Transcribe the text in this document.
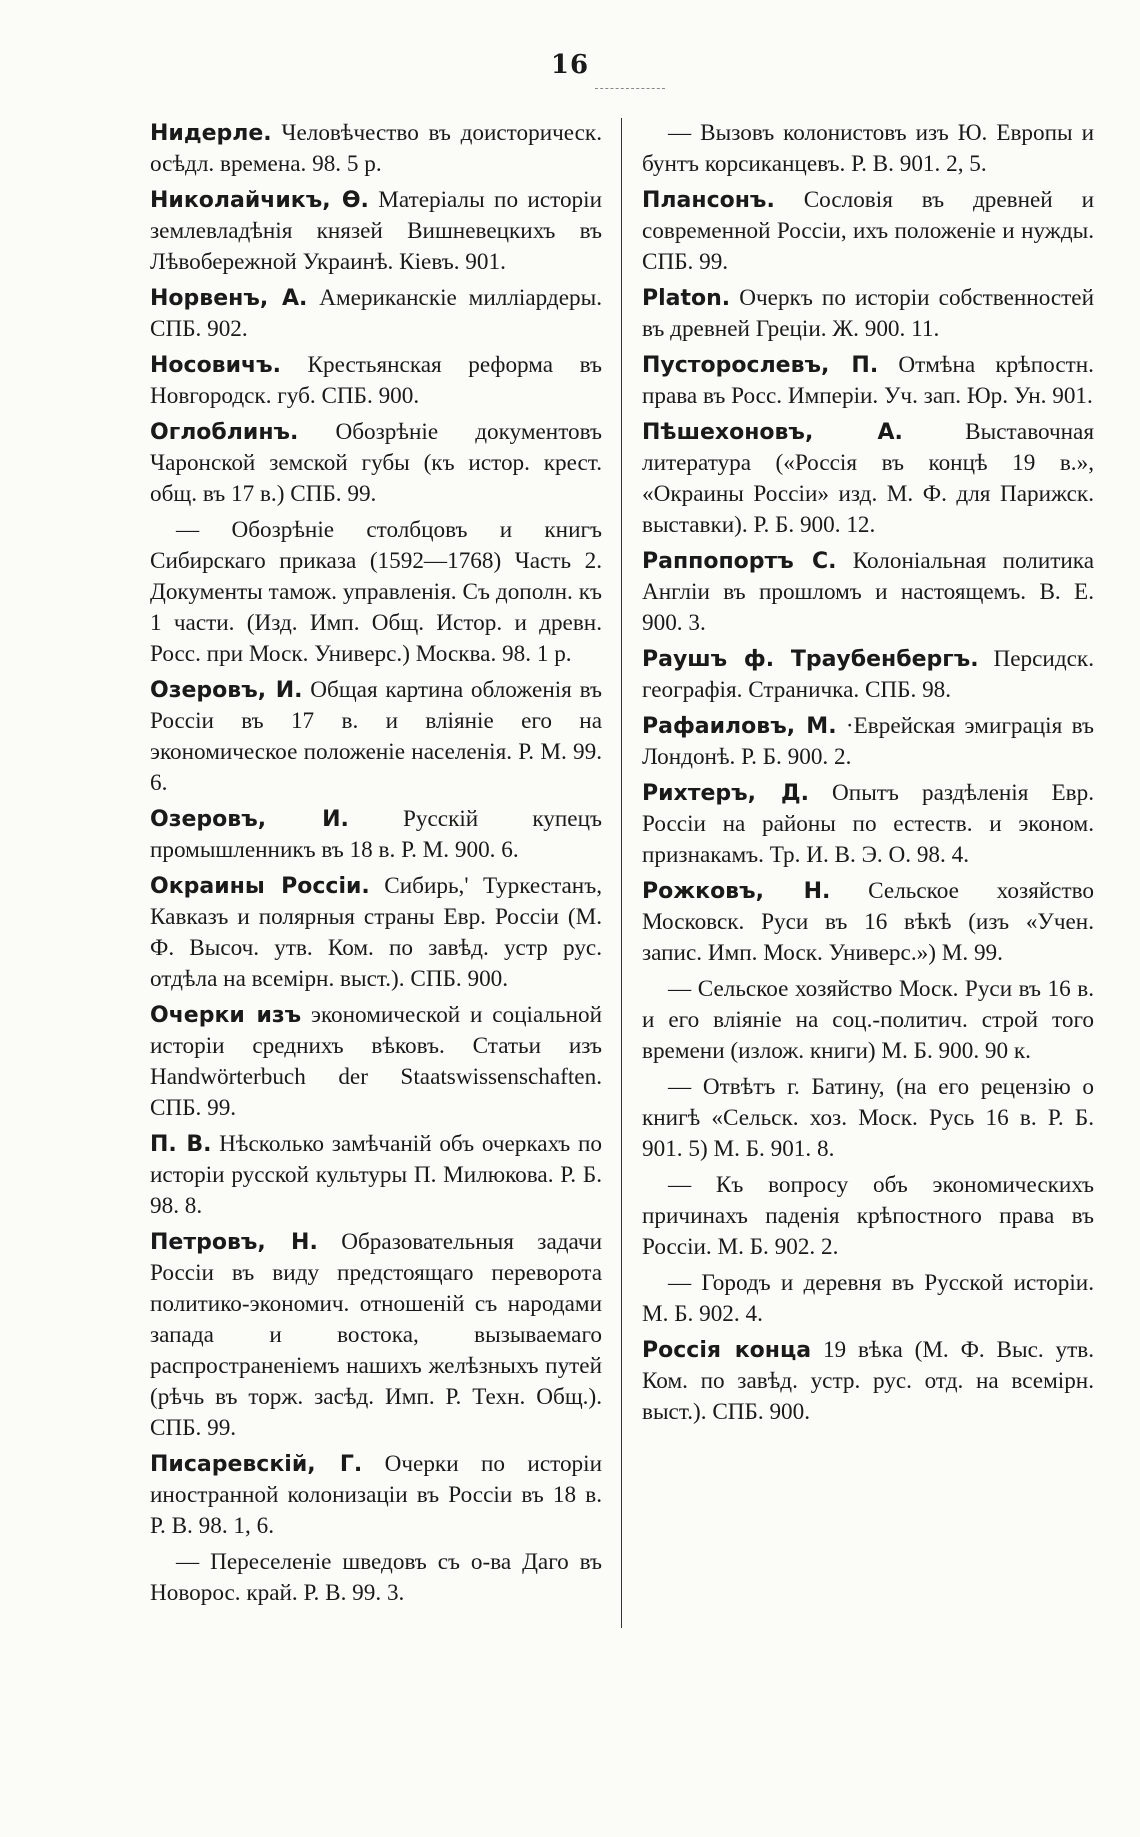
16

Нидерле. Человѣчество въ доисторическ. осѣдл. времена. 98. 5 р.

Николайчикъ, Ѳ. Матеріалы по исторіи землевладѣнія князей Вишневецкихъ въ Лѣвобережной Украинѣ. Кіевъ. 901.

Норвенъ, А. Американскіе милліардеры. СПБ. 902.

Носовичъ. Крестьянская реформа въ Новгородск. губ. СПБ. 900.

Оглоблинъ. Обозрѣніе документовъ Чаронской земской губы (къ истор. крест. общ. въ 17 в.) СПБ. 99.

— Обозрѣніе столбцовъ и книгъ Сибирскаго приказа (1592—1768) Часть 2. Документы тамож. управленія. Съ дополн. къ 1 части. (Изд. Имп. Общ. Истор. и древн. Росс. при Моск. Универс.) Москва. 98. 1 р.

Озеровъ, И. Общая картина обложенія въ Россіи въ 17 в. и вліяніе его на экономическое положеніе населенія. Р. М. 99. 6.

Озеровъ, И. Русскій купецъ промышленникъ въ 18 в. Р. М. 900. 6.

Окраины Россіи. Сибирь,' Туркестанъ, Кавказъ и полярныя страны Евр. Россіи (М. Ф. Высоч. утв. Ком. по завѣд. устр рус. отдѣла на всемірн. выст.). СПБ. 900.

Очерки изъ экономической и соціальной исторіи среднихъ вѣковъ. Статьи изъ Handwörterbuch der Staatswissenschaften. СПБ. 99.

П. В. Нѣсколько замѣчаній объ очеркахъ по исторіи русской культуры П. Милюкова. Р. Б. 98. 8.

Петровъ, Н. Образовательныя задачи Россіи въ виду предстоящаго переворота политико-экономич. отношеній съ народами запада и востока, вызываемаго распространеніемъ нашихъ желѣзныхъ путей (рѣчь въ торж. засѣд. Имп. Р. Техн. Общ.). СПБ. 99.

Писаревскій, Г. Очерки по исторіи иностранной колонизаціи въ Россіи въ 18 в. Р. В. 98. 1, 6.

— Переселеніе шведовъ съ о-ва Даго въ Новорос. край. Р. В. 99. 3.

— Вызовъ колонистовъ изъ Ю. Европы и бунтъ корсиканцевъ. Р. В. 901. 2, 5.

Плансонъ. Сословія въ древней и современной Россіи, ихъ положеніе и нужды. СПБ. 99.

Platon. Очеркъ по исторіи собственностей въ древней Греціи. Ж. 900. 11.

Пустороcлевъ, П. Отмѣна крѣпостн. права въ Росс. Имперіи. Уч. зап. Юр. Ун. 901.

Пѣшехоновъ, А. Выставочная литература («Россія въ концѣ 19 в.», «Окраины Россіи» изд. М. Ф. для Парижск. выставки). Р. Б. 900. 12.

Раппопортъ С. Колоніальная политика Англіи въ прошломъ и настоящемъ. В. Е. 900. 3.

Раушъ ф. Траубенбергъ. Персидск. географія. Страничка. СПБ. 98.

Рафаиловъ, М. ·Еврейская эмиграція въ Лондонѣ. Р. Б. 900. 2.

Рихтеръ, Д. Опытъ раздѣленія Евр. Россіи на районы по естеств. и эконом. признакамъ. Тр. И. В. Э. О. 98. 4.

Рожковъ, Н. Сельское хозяйство Московск. Руси въ 16 вѣкѣ (изъ «Учен. запис. Имп. Моск. Универс.») М. 99.

— Сельское хозяйство Моск. Руси въ 16 в. и его вліяніе на соц.-политич. строй того времени (излож. книги) М. Б. 900. 90 к.

— Отвѣтъ г. Батину, (на его рецензію о книгѣ «Сельск. хоз. Моск. Русь 16 в. Р. Б. 901. 5) М. Б. 901. 8.

— Къ вопросу объ экономическихъ причинахъ паденія крѣпостного права въ Россіи. М. Б. 902. 2.

— Городъ и деревня въ Русской исторіи. М. Б. 902. 4.

Россія конца 19 вѣка (М. Ф. Выс. утв. Ком. по завѣд. устр. рус. отд. на всемірн. выст.). СПБ. 900.
